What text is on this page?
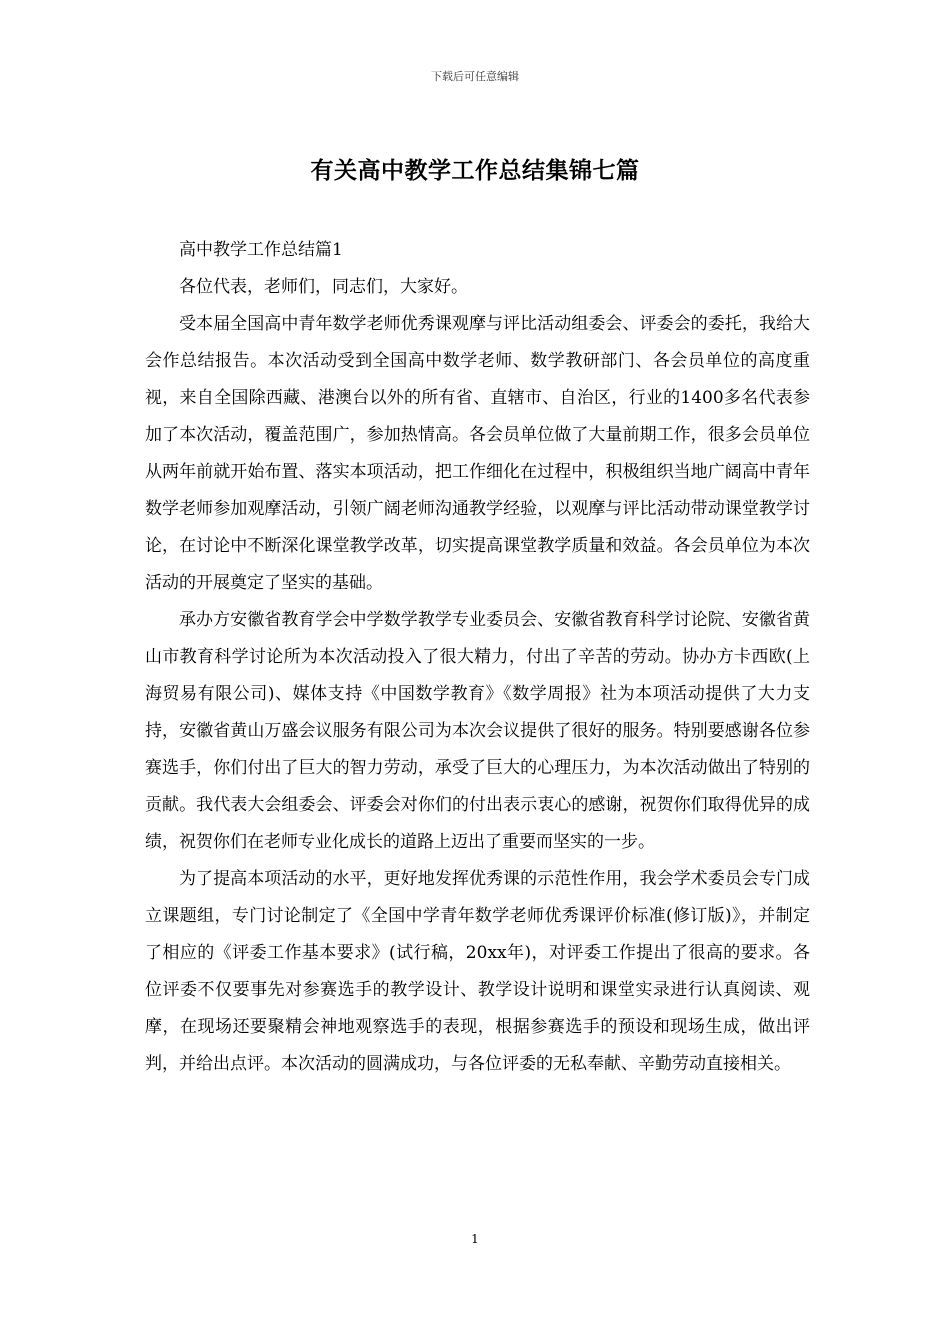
下载后可任意编辑
有关高中教学工作总结集锦七篇

高中教学工作总结篇1

各位代表，老师们，同志们，大家好。

受本届全国高中青年数学老师优秀课观摩与评比活动组委会、评委会的委托，我给大会作总结报告。本次活动受到全国高中数学老师、数学教研部门、各会员单位的高度重视，来自全国除西藏、港澳台以外的所有省、直辖市、自治区，行业的1400多名代表参加了本次活动，覆盖范围广，参加热情高。各会员单位做了大量前期工作，很多会员单位从两年前就开始布置、落实本项活动，把工作细化在过程中，积极组织当地广阔高中青年数学老师参加观摩活动，引领广阔老师沟通教学经验，以观摩与评比活动带动课堂教学讨论，在讨论中不断深化课堂教学改革，切实提高课堂教学质量和效益。各会员单位为本次活动的开展奠定了坚实的基础。

承办方安徽省教育学会中学数学教学专业委员会、安徽省教育科学讨论院、安徽省黄山市教育科学讨论所为本次活动投入了很大精力，付出了辛苦的劳动。协办方卡西欧(上海贸易有限公司)、媒体支持《中国数学教育》《数学周报》社为本项活动提供了大力支持，安徽省黄山万盛会议服务有限公司为本次会议提供了很好的服务。特别要感谢各位参赛选手，你们付出了巨大的智力劳动，承受了巨大的心理压力，为本次活动做出了特别的贡献。我代表大会组委会、评委会对你们的付出表示衷心的感谢，祝贺你们取得优异的成绩，祝贺你们在老师专业化成长的道路上迈出了重要而坚实的一步。

为了提高本项活动的水平，更好地发挥优秀课的示范性作用，我会学术委员会专门成立课题组，专门讨论制定了《全国中学青年数学老师优秀课评价标准(修订版)》，并制定了相应的《评委工作基本要求》(试行稿，20xx年)，对评委工作提出了很高的要求。各位评委不仅要事先对参赛选手的教学设计、教学设计说明和课堂实录进行认真阅读、观摩，在现场还要聚精会神地观察选手的表现，根据参赛选手的预设和现场生成，做出评判，并给出点评。本次活动的圆满成功，与各位评委的无私奉献、辛勤劳动直接相关。

1
